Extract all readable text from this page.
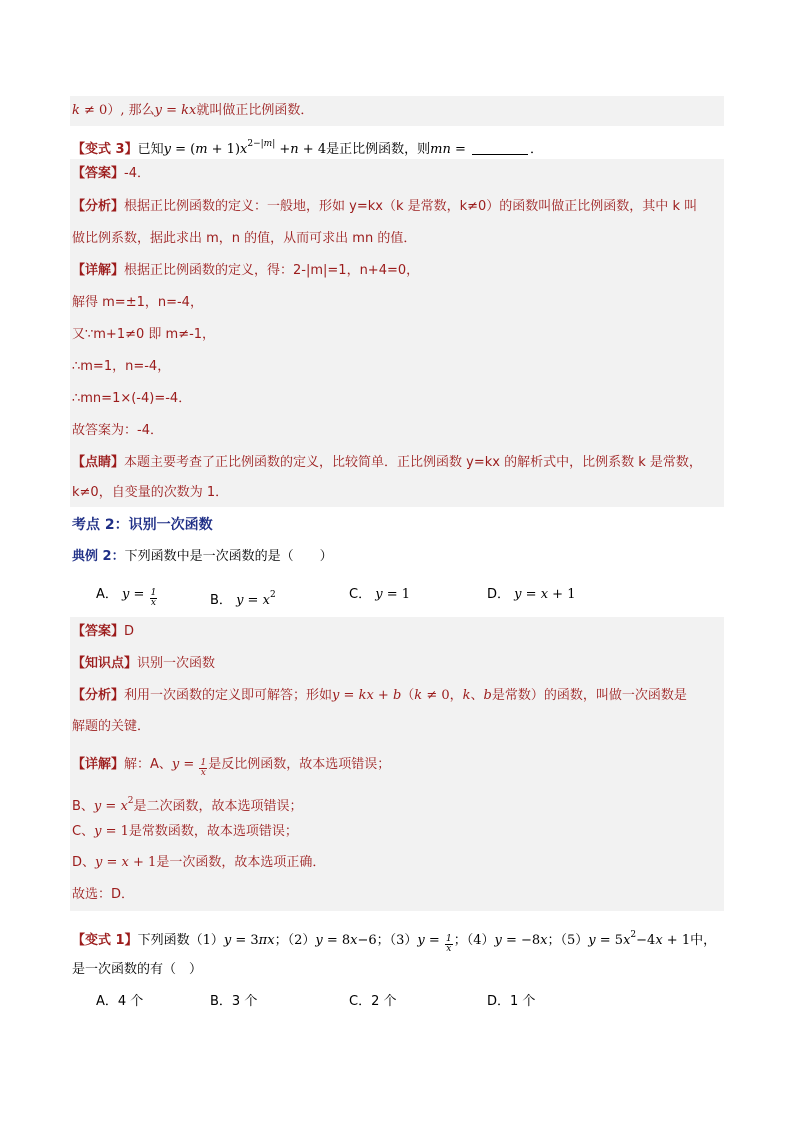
k ≠ 0）, 那么y = kx就叫做正比例函数．
【变式 3】已知$y = (m + 1)x^{2-|m|} +n + 4$是正比例函数，则mn =	．
【答案】-4．
【分析】根据正比例函数的定义：一般地，形如 y=kx（k 是常数，k≠0）的函数叫做正比例函数，其中 k 叫
做比例系数，据此求出 m，n 的值，从而可求出 mn 的值．
【详解】根据正比例函数的定义，得：2-|m|=1，n+4=0，
解得 m=±1，n=-4，
又∵m+1≠0 即 m≠-1，
∴m=1，n=-4，
∴mn=1×(-4)=-4．
故答案为：-4．
【点睛】本题主要考查了正比例函数的定义，比较简单．正比例函数 y=kx 的解析式中，比例系数 k 是常数，
k≠0，自变量的次数为 1．
考点 2：识别一次函数
典例 2：下列函数中是一次函数的是（　　）
A． $y = \frac{1}{x}$	B． $y = x^2$	C． y = 1	D． y = x + 1
【答案】D
【知识点】识别一次函数
【分析】利用一次函数的定义即可解答；形如y = kx + b（k ≠ 0，k、b是常数）的函数，叫做一次函数是
解题的关键．
【详解】解：A、$y = \frac{1}{x}$ 是反比例函数，故本选项错误；
B、$y = x^2$是二次函数，故本选项错误；
C、y = 1是常数函数，故本选项错误；
D、y = x + 1是一次函数，故本选项正确．
故选：D．
【变式 1】下列函数（1）y = 3πx；（2）y = 8x−6；$(3)y = \frac{1}{x}$ ；（4）y = −8x；$(5)y = 5x^2-4x + 1$中，
是一次函数的有（　）
A．4 个	B．3 个	C．2 个	D．1 个
